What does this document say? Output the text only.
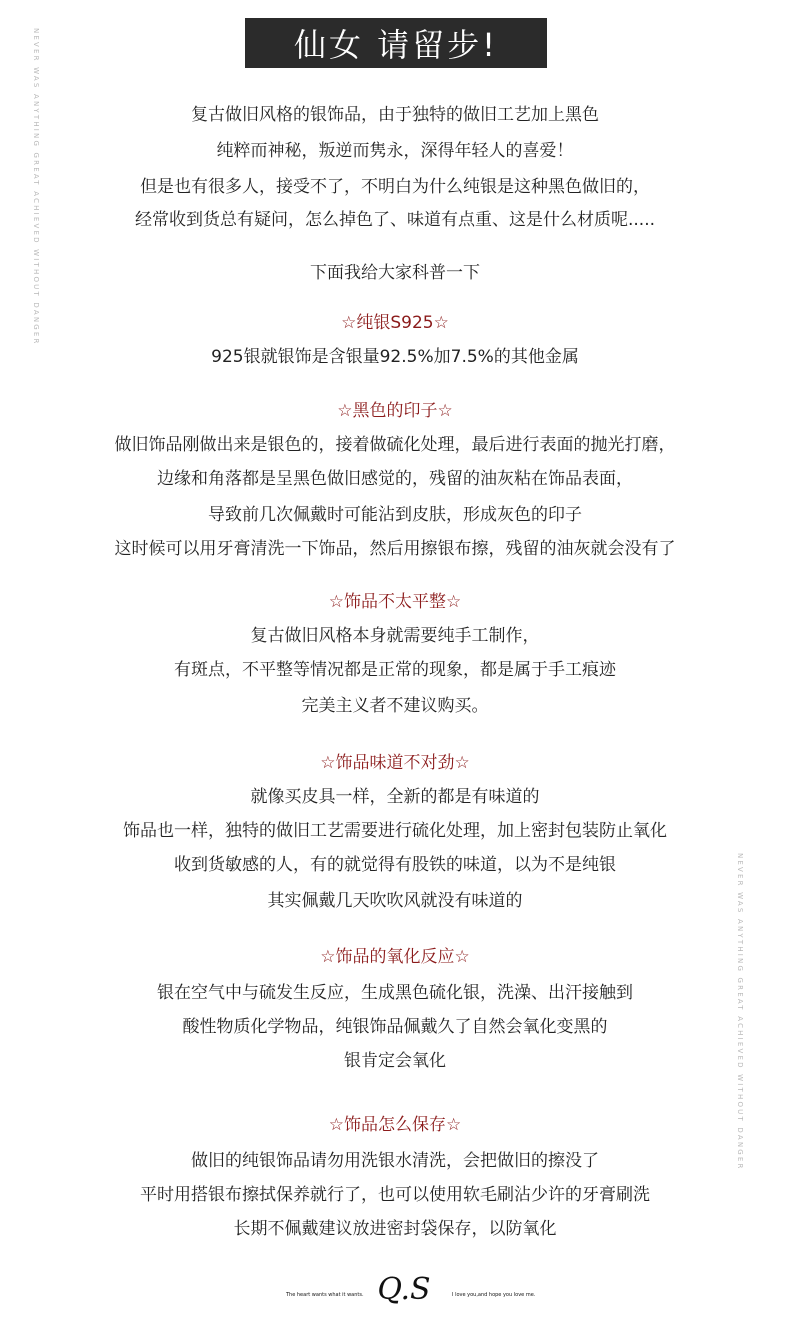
仙女 请留步!
NEVER WAS ANYTHING GREAT ACHIEVED WITHOUT DANGER
NEVER WAS ANYTHING GREAT ACHIEVED WITHOUT DANGER
复古做旧风格的银饰品，由于独特的做旧工艺加上黑色
纯粹而神秘，叛逆而隽永，深得年轻人的喜爱！
但是也有很多人，接受不了，不明白为什么纯银是这种黑色做旧的，
经常收到货总有疑问，怎么掉色了、味道有点重、这是什么材质呢.....
下面我给大家科普一下
☆纯银S925☆
925银就银饰是含银量92.5%加7.5%的其他金属
☆黑色的印子☆
做旧饰品刚做出来是银色的，接着做硫化处理，最后进行表面的抛光打磨，
边缘和角落都是呈黑色做旧感觉的，残留的油灰粘在饰品表面，
导致前几次佩戴时可能沾到皮肤，形成灰色的印子
这时候可以用牙膏清洗一下饰品，然后用擦银布擦，残留的油灰就会没有了
☆饰品不太平整☆
复古做旧风格本身就需要纯手工制作，
有斑点，不平整等情况都是正常的现象，都是属于手工痕迹
完美主义者不建议购买。
☆饰品味道不对劲☆
就像买皮具一样，全新的都是有味道的
饰品也一样，独特的做旧工艺需要进行硫化处理，加上密封包装防止氧化
收到货敏感的人，有的就觉得有股铁的味道，以为不是纯银
其实佩戴几天吹吹风就没有味道的
☆饰品的氧化反应☆
银在空气中与硫发生反应，生成黑色硫化银，洗澡、出汗接触到
酸性物质化学物品，纯银饰品佩戴久了自然会氧化变黑的
银肯定会氧化
☆饰品怎么保存☆
做旧的纯银饰品请勿用洗银水清洗，会把做旧的擦没了
平时用搭银布擦拭保养就行了，也可以使用软毛刷沾少许的牙膏刷洗
长期不佩戴建议放进密封袋保存，以防氧化
The heart wants what it wants. Q.S	I love you,and hope you love me.
